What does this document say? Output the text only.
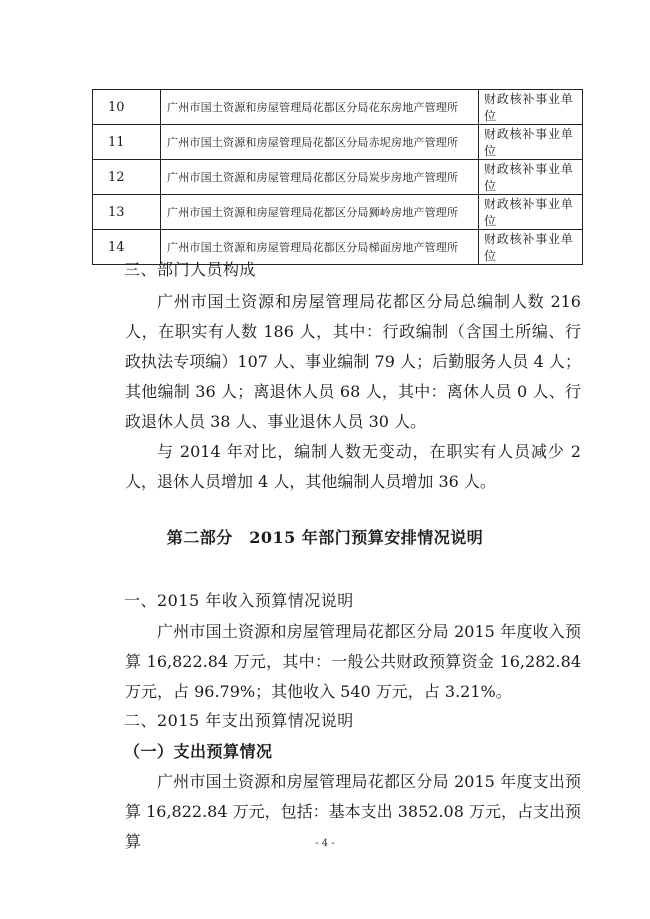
10	广州市国土资源和房屋管理局花都区分局花东房地产管理所	财政核补事业单位
11	广州市国土资源和房屋管理局花都区分局赤坭房地产管理所	财政核补事业单位
12	广州市国土资源和房屋管理局花都区分局炭步房地产管理所	财政核补事业单位
13	广州市国土资源和房屋管理局花都区分局狮岭房地产管理所	财政核补事业单位
14	广州市国土资源和房屋管理局花都区分局梯面房地产管理所	财政核补事业单位
三、部门人员构成

广州市国土资源和房屋管理局花都区分局总编制人数 216 人，在职实有人数 186 人，其中：行政编制（含国土所编、行政执法专项编）107 人、事业编制 79 人；后勤服务人员 4 人；其他编制 36 人；离退休人员 68 人，其中：离休人员 0 人、行政退休人员 38 人、事业退休人员 30 人。

与 2014 年对比，编制人数无变动，在职实有人员减少 2 人，退休人员增加 4 人，其他编制人员增加 36 人。

第二部分　2015 年部门预算安排情况说明
一、2015 年收入预算情况说明

广州市国土资源和房屋管理局花都区分局 2015 年度收入预算 16,822.84 万元，其中：一般公共财政预算资金 16,282.84 万元，占 96.79%；其他收入 540 万元，占 3.21%。

二、2015 年支出预算情况说明
（一）支出预算情况

广州市国土资源和房屋管理局花都区分局 2015 年度支出预算 16,822.84 万元，包括：基本支出 3852.08 万元，占支出预算	- 4 -
